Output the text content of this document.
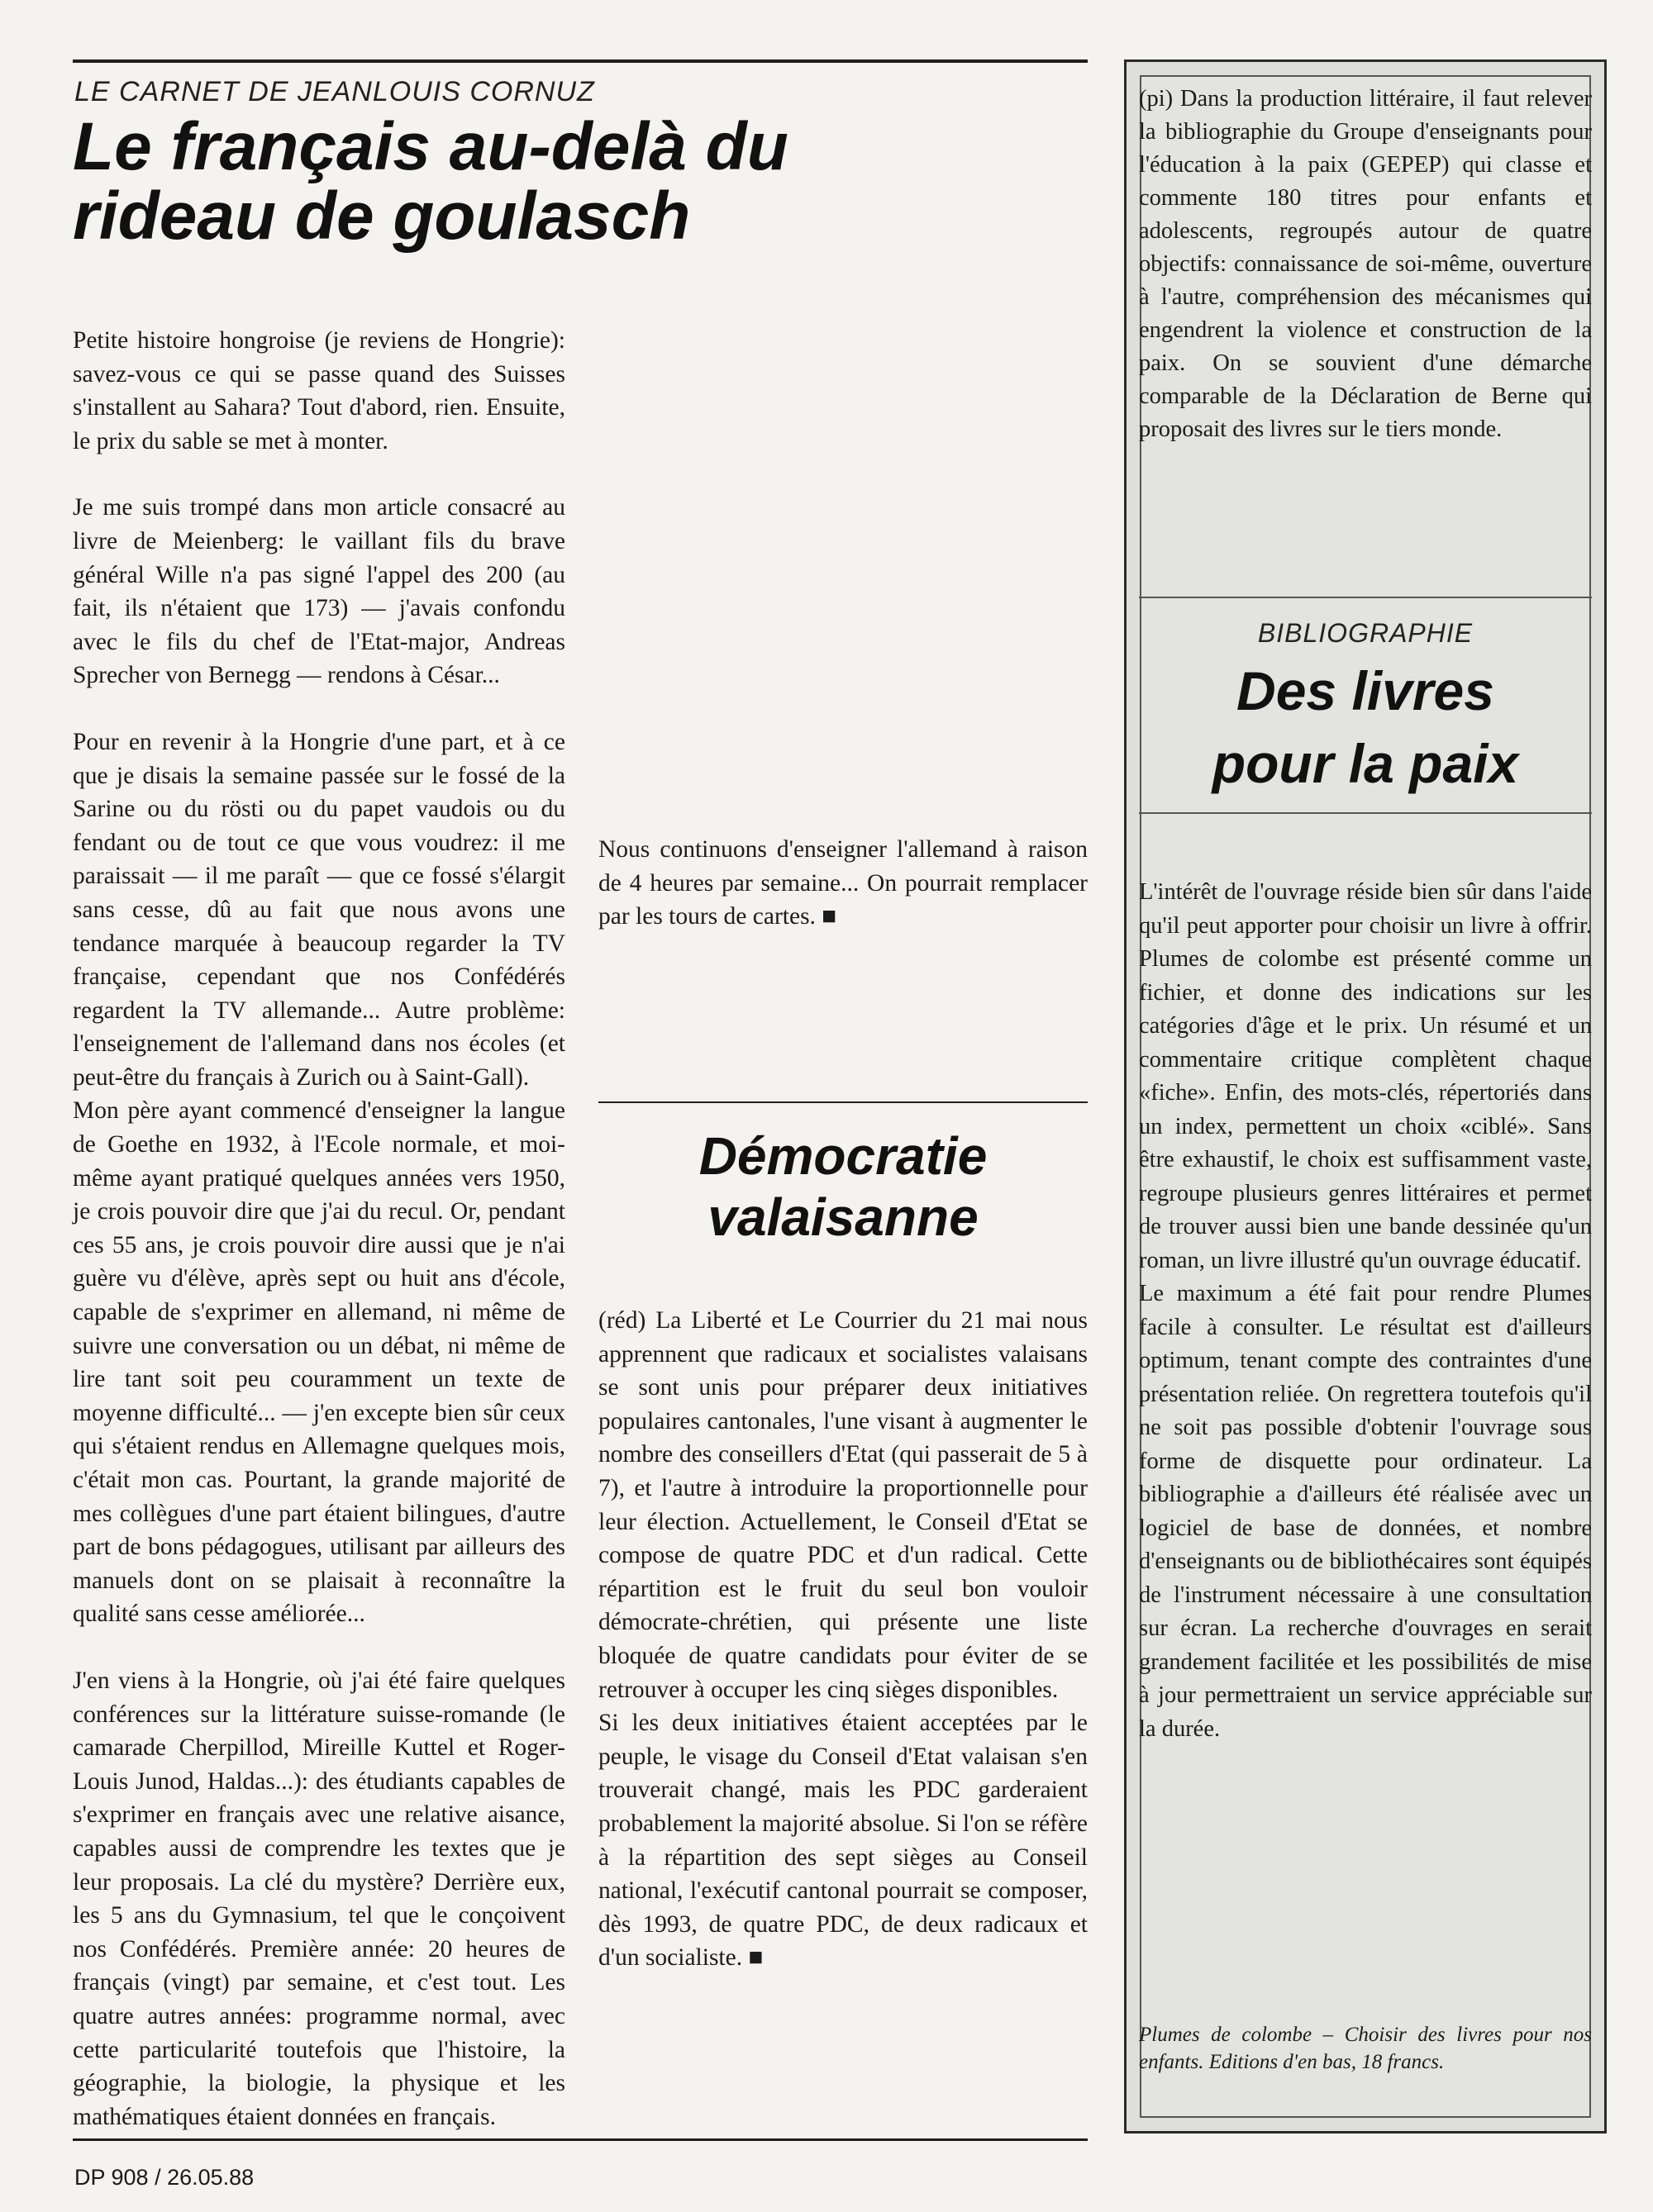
LE CARNET DE JEANLOUIS CORNUZ
Le français au-delà du
rideau de goulasch

Petite histoire hongroise (je reviens de Hongrie): savez-vous ce qui se passe quand des Suisses s'installent au Sahara? Tout d'abord, rien. Ensuite, le prix du sable se met à monter.

Je me suis trompé dans mon article consacré au livre de Meienberg: le vaillant fils du brave général Wille n'a pas signé l'appel des 200 (au fait, ils n'étaient que 173) — j'avais confondu avec le fils du chef de l'Etat-major, Andreas Sprecher von Bernegg — rendons à César...

Pour en revenir à la Hongrie d'une part, et à ce que je disais la semaine passée sur le fossé de la Sarine ou du rösti ou du papet vaudois ou du fendant ou de tout ce que vous voudrez: il me paraissait — il me paraît — que ce fossé s'élargit sans cesse, dû au fait que nous avons une tendance marquée à beaucoup regarder la TV française, cependant que nos Confédérés regardent la TV allemande... Autre problème: l'enseignement de l'allemand dans nos écoles (et peut-être du français à Zurich ou à Saint-Gall).

Mon père ayant commencé d'enseigner la langue de Goethe en 1932, à l'Ecole normale, et moi-même ayant pratiqué quelques années vers 1950, je crois pouvoir dire que j'ai du recul. Or, pendant ces 55 ans, je crois pouvoir dire aussi que je n'ai guère vu d'élève, après sept ou huit ans d'école, capable de s'exprimer en allemand, ni même de suivre une conversation ou un débat, ni même de lire tant soit peu couramment un texte de moyenne difficulté... — j'en excepte bien sûr ceux qui s'étaient rendus en Allemagne quelques mois, c'était mon cas. Pourtant, la grande majorité de mes collègues d'une part étaient bilingues, d'autre part de bons pédagogues, utilisant par ailleurs des manuels dont on se plaisait à reconnaître la qualité sans cesse améliorée...

J'en viens à la Hongrie, où j'ai été faire quelques conférences sur la littérature suisse-romande (le camarade Cherpillod, Mireille Kuttel et Roger-Louis Junod, Haldas...): des étudiants capables de s'exprimer en français avec une relative aisance, capables aussi de comprendre les textes que je leur proposais. La clé du mystère? Derrière eux, les 5 ans du Gymnasium, tel que le conçoivent nos Confédérés. Première année: 20 heures de français (vingt) par semaine, et c'est tout. Les quatre autres années: programme normal, avec cette particularité toutefois que l'histoire, la géographie, la biologie, la physique et les mathématiques étaient données en français.

Nous continuons d'enseigner l'allemand à raison de 4 heures par semaine... On pourrait remplacer par les tours de cartes. ■

Démocratie
valaisanne

(réd) La Liberté et Le Courrier du 21 mai nous apprennent que radicaux et socialistes valaisans se sont unis pour préparer deux initiatives populaires cantonales, l'une visant à augmenter le nombre des conseillers d'Etat (qui passerait de 5 à 7), et l'autre à introduire la proportionnelle pour leur élection. Actuellement, le Conseil d'Etat se compose de quatre PDC et d'un radical. Cette répartition est le fruit du seul bon vouloir démocrate-chrétien, qui présente une liste bloquée de quatre candidats pour éviter de se retrouver à occuper les cinq sièges disponibles.

Si les deux initiatives étaient acceptées par le peuple, le visage du Conseil d'Etat valaisan s'en trouverait changé, mais les PDC garderaient probablement la majorité absolue. Si l'on se réfère à la répartition des sept sièges au Conseil national, l'exécutif cantonal pourrait se composer, dès 1993, de quatre PDC, de deux radicaux et d'un socialiste. ■

(pi) Dans la production littéraire, il faut relever la bibliographie du Groupe d'enseignants pour l'éducation à la paix (GEPEP) qui classe et commente 180 titres pour enfants et adolescents, regroupés autour de quatre objectifs: connaissance de soi-même, ouverture à l'autre, compréhension des mécanismes qui engendrent la violence et construction de la paix. On se souvient d'une démarche comparable de la Déclaration de Berne qui proposait des livres sur le tiers monde.
BIBLIOGRAPHIE
Des livres
pour la paix

L'intérêt de l'ouvrage réside bien sûr dans l'aide qu'il peut apporter pour choisir un livre à offrir. Plumes de colombe est présenté comme un fichier, et donne des indications sur les catégories d'âge et le prix. Un résumé et un commentaire critique complètent chaque «fiche». Enfin, des mots-clés, répertoriés dans un index, permettent un choix «ciblé». Sans être exhaustif, le choix est suffisamment vaste, regroupe plusieurs genres littéraires et permet de trouver aussi bien une bande dessinée qu'un roman, un livre illustré qu'un ouvrage éducatif.

Le maximum a été fait pour rendre Plumes facile à consulter. Le résultat est d'ailleurs optimum, tenant compte des contraintes d'une présentation reliée. On regrettera toutefois qu'il ne soit pas possible d'obtenir l'ouvrage sous forme de disquette pour ordinateur. La bibliographie a d'ailleurs été réalisée avec un logiciel de base de données, et nombre d'enseignants ou de bibliothécaires sont équipés de l'instrument nécessaire à une consultation sur écran. La recherche d'ouvrages en serait grandement facilitée et les possibilités de mise à jour permettraient un service appréciable sur la durée.

Plumes de colombe – Choisir des livres pour nos enfants. Editions d'en bas, 18 francs.
DP 908 / 26.05.88
